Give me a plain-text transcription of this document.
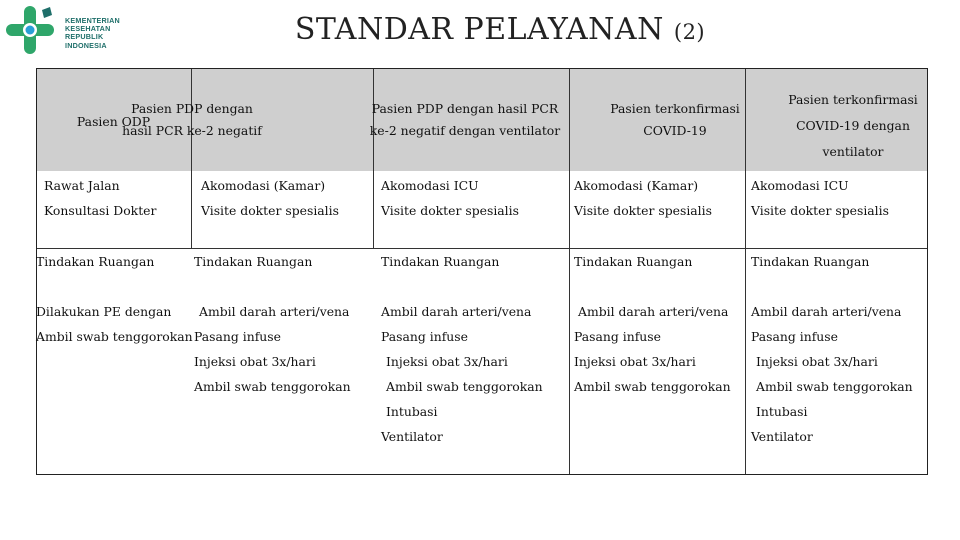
KEMENTERIAN
KESEHATAN
REPUBLIK
INDONESIA	STANDAR PELAYANAN (2)
Pasien ODP
Pasien PDP dengan
hasil PCR ke-2 negatif
Pasien PDP dengan hasil PCR
ke-2 negatif dengan ventilator
Pasien terkonfirmasi
COVID-19
Pasien terkonfirmasi
COVID-19 dengan
ventilator
Rawat Jalan
Konsultasi Dokter
Akomodasi (Kamar)
Visite dokter spesialis
Akomodasi ICU
Visite dokter spesialis
Akomodasi (Kamar)
Visite dokter spesialis
Akomodasi ICU
Visite dokter spesialis
Tindakan Ruangan

Dilakukan PE dengan
Ambil swab tenggorokan
Tindakan Ruangan

Ambil darah arteri/vena
Pasang infuse
Injeksi obat 3x/hari
Ambil swab tenggorokan
Tindakan Ruangan

Ambil darah arteri/vena
Pasang infuse
Injeksi obat 3x/hari
Ambil swab tenggorokan
Intubasi
Ventilator
Tindakan Ruangan

Ambil darah arteri/vena
Pasang infuse
Injeksi obat 3x/hari
Ambil swab tenggorokan
Tindakan Ruangan

Ambil darah arteri/vena
Pasang infuse
Injeksi obat 3x/hari
Ambil swab tenggorokan
Intubasi
Ventilator
